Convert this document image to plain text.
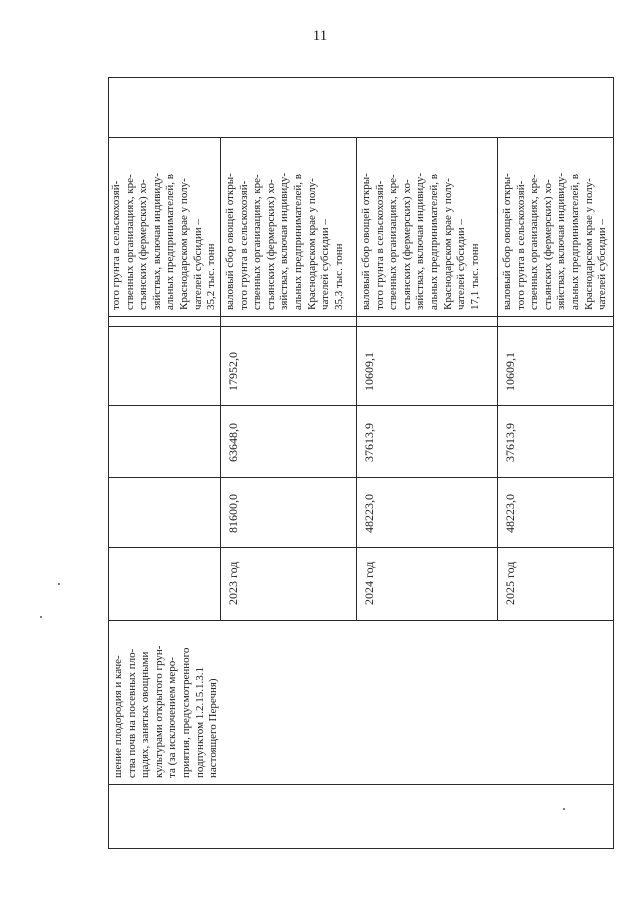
11
шение плодородия и каче- ства почв на посевных пло- щадях, занятых овощными культурами открытого грун- та (за исключением меро- приятия, предусмотренного подпунктом 1.2.15.1.3.1 настоящего Перечня)
того грунта в сельскохозяй- ственных организациях, кре- стьянских (фермерских) хо- зяйствах, включая индивиду- альных предпринимателей, в Краснодарском крае у полу- чателей субсидии – 35,2 тыс. тонн
2023 год
81600,0
63648,0
17952,0
валовый сбор овощей откры- того грунта в сельскохозяй- ственных организациях, кре- стьянских (фермерских) хо- зяйствах, включая индивиду- альных предпринимателей, в Краснодарском крае у полу- чателей субсидии – 35,3 тыс. тонн
2024 год
48223,0
37613,9
10609,1
валовый сбор овощей откры- того грунта в сельскохозяй- ственных организациях, кре- стьянских (фермерских) хо- зяйствах, включая индивиду- альных предпринимателей, в Краснодарском крае у полу- чателей субсидии – 17,1 тыс. тонн
2025 год
48223,0
37613,9
10609,1
валовый сбор овощей откры- того грунта в сельскохозяй- ственных организациях, кре- стьянских (фермерских) хо- зяйствах, включая индивиду- альных предпринимателей, в Краснодарском крае у полу- чателей субсидии –
